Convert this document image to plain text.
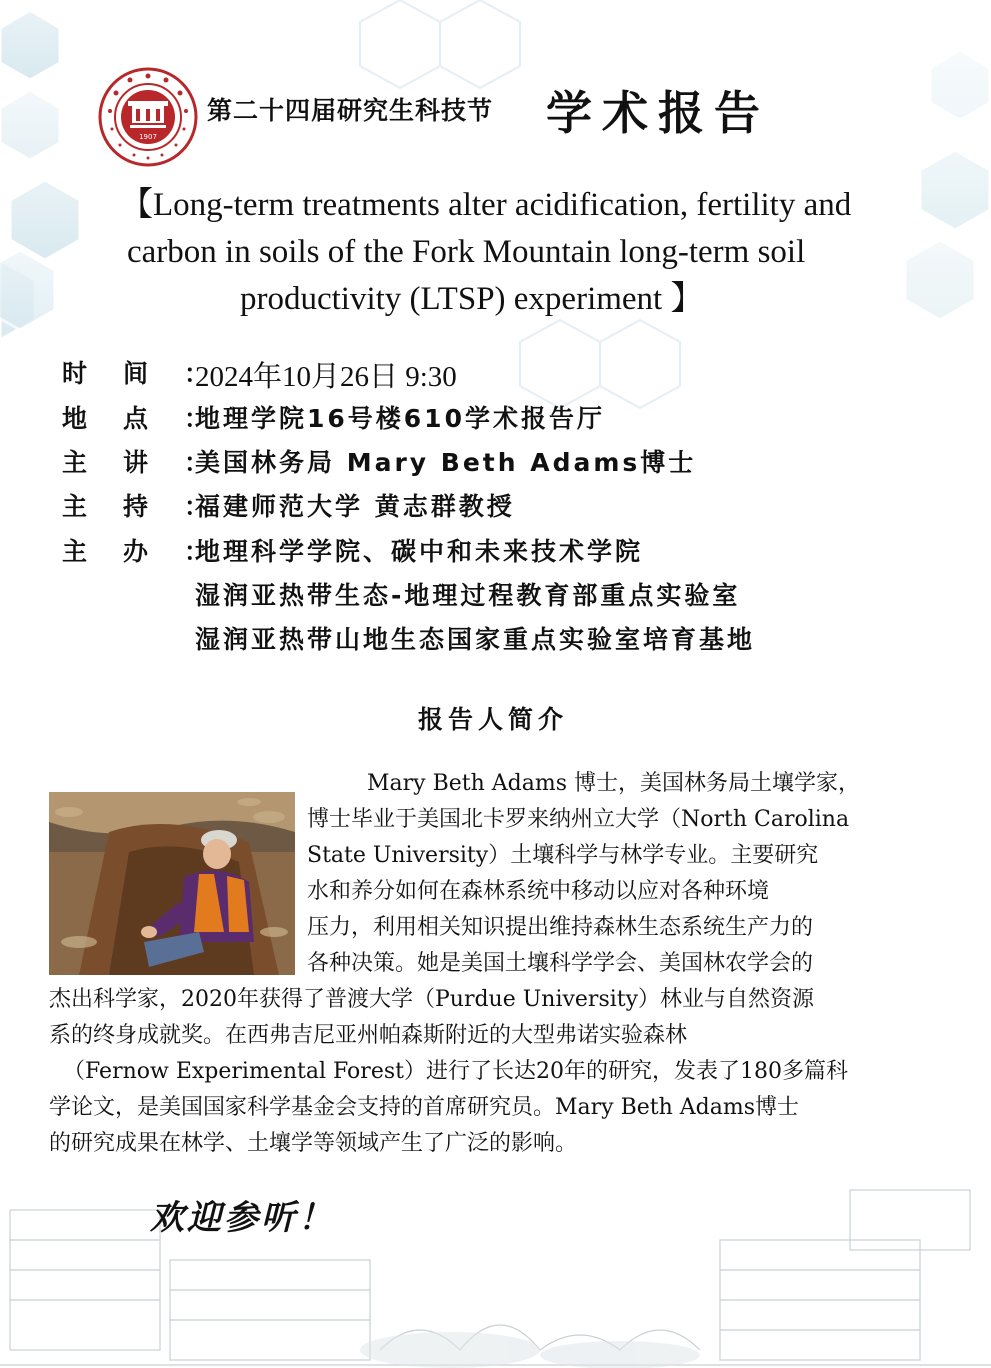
1907
第二十四届研究生科技节 学术报告
【Long-term treatments alter acidification, fertility and
carbon in soils of the Fork Mountain long-term soil
productivity (LTSP) experiment 】
时间：
2024年10月26日 9:30
地点：
地理学院16号楼610学术报告厅
主讲：
美国林务局 Mary Beth Adams博士
主持：
福建师范大学 黄志群教授
主办：
地理科学学院、碳中和未来技术学院
湿润亚热带生态-地理过程教育部重点实验室
湿润亚热带山地生态国家重点实验室培育基地
报告人简介
Mary Beth Adams 博士，美国林务局土壤学家，
博士毕业于美国北卡罗来纳州立大学（North Carolina
State University）土壤科学与林学专业。主要研究
水和养分如何在森林系统中移动以应对各种环境
压力，利用相关知识提出维持森林生态系统生产力的
各种决策。她是美国土壤科学学会、美国林农学会的
杰出科学家，2020年获得了普渡大学（Purdue University）林业与自然资源
系的终身成就奖。在西弗吉尼亚州帕森斯附近的大型弗诺实验森林
（Fernow Experimental Forest）进行了长达20年的研究，发表了180多篇科
学论文，是美国国家科学基金会支持的首席研究员。Mary Beth Adams博士
的研究成果在林学、土壤学等领域产生了广泛的影响。
欢迎参听！
